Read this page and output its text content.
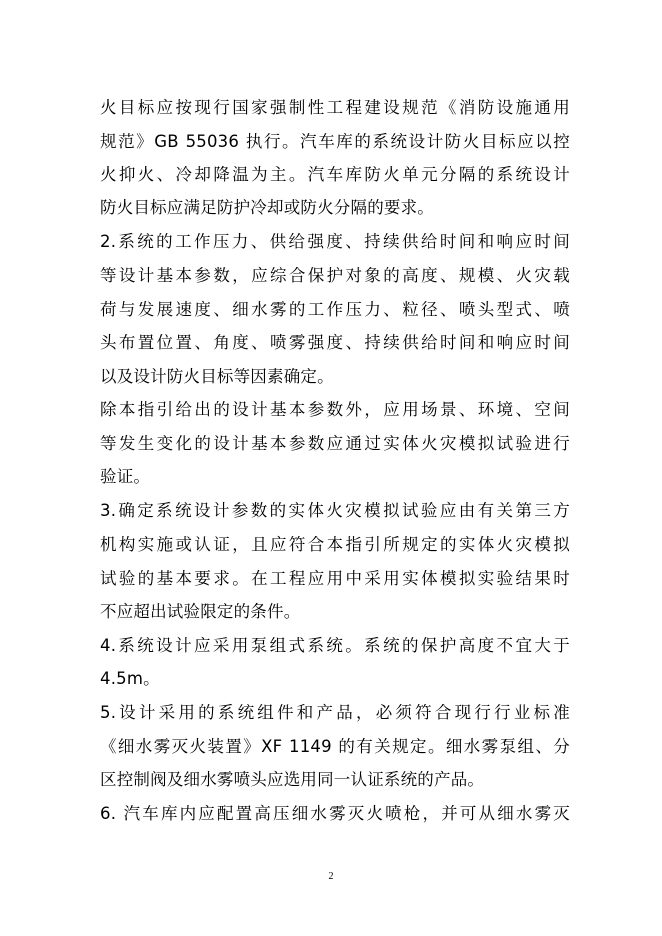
火目标应按现行国家强制性工程建设规范《消防设施通用
规范》GB 55036 执行。汽车库的系统设计防火目标应以控
火抑火、冷却降温为主。汽车库防火单元分隔的系统设计
防火目标应满足防护冷却或防火分隔的要求。
2.系统的工作压力、供给强度、持续供给时间和响应时间
等设计基本参数，应综合保护对象的高度、规模、火灾载
荷与发展速度、细水雾的工作压力、粒径、喷头型式、喷
头布置位置、角度、喷雾强度、持续供给时间和响应时间
以及设计防火目标等因素确定。
除本指引给出的设计基本参数外，应用场景、环境、空间
等发生变化的设计基本参数应通过实体火灾模拟试验进行
验证。
3.确定系统设计参数的实体火灾模拟试验应由有关第三方
机构实施或认证，且应符合本指引所规定的实体火灾模拟
试验的基本要求。在工程应用中采用实体模拟实验结果时
不应超出试验限定的条件。
4.系统设计应采用泵组式系统。系统的保护高度不宜大于
4.5m。
5.设计采用的系统组件和产品，必须符合现行行业标准
《细水雾灭火装置》XF 1149 的有关规定。细水雾泵组、分
区控制阀及细水雾喷头应选用同一认证系统的产品。
6. 汽车库内应配置高压细水雾灭火喷枪，并可从细水雾灭
2
